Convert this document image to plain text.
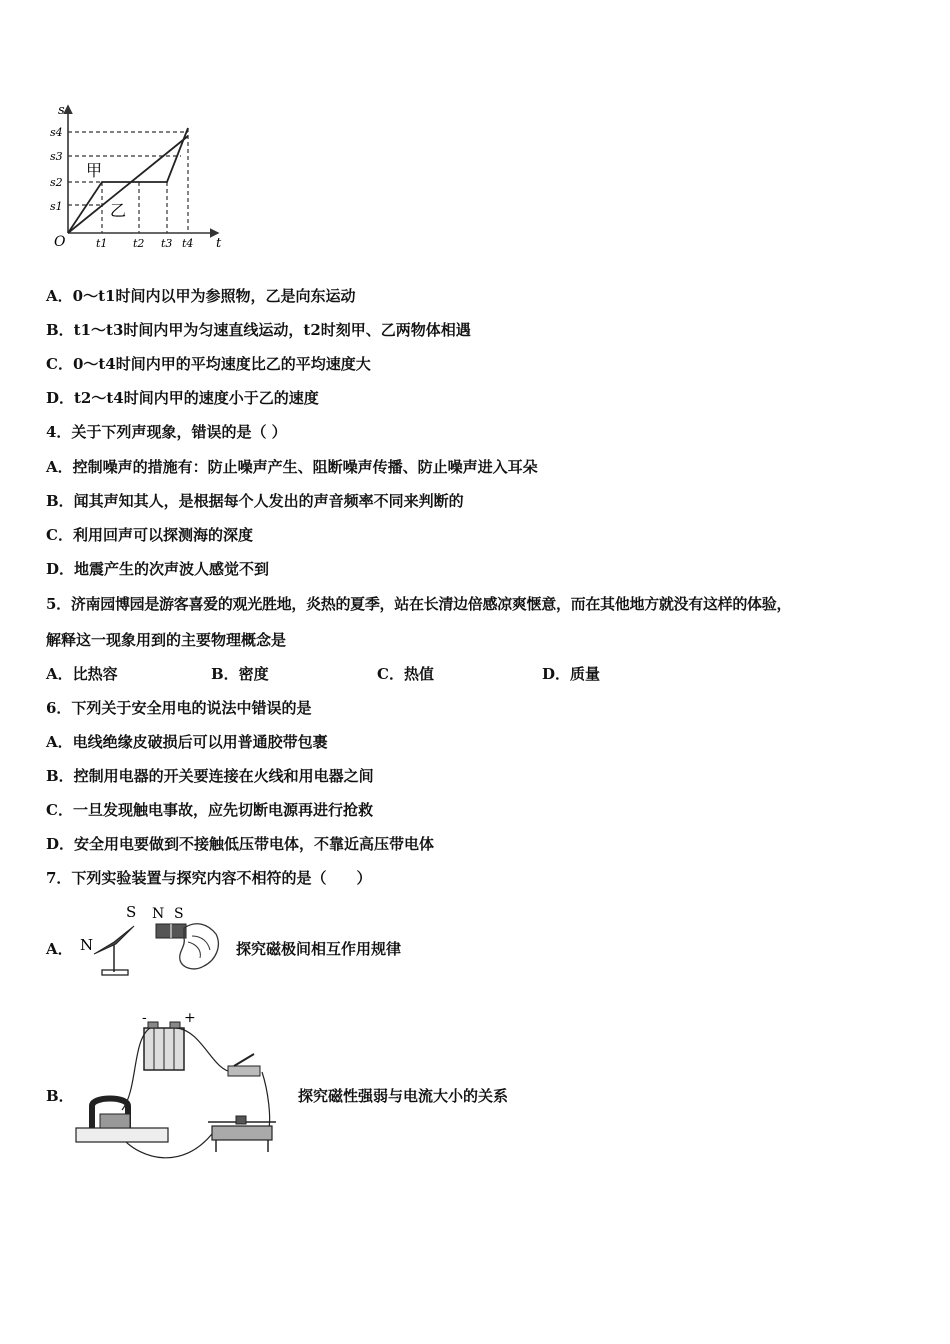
s
t
O
s1
s2
s3
s4
t1 t2 t3 t4
甲
乙
A．0～t1时间内以甲为参照物，乙是向东运动
B．t1～t3时间内甲为匀速直线运动，t2时刻甲、乙两物体相遇
C．0～t4时间内甲的平均速度比乙的平均速度大
D．t2～t4时间内甲的速度小于乙的速度
4．关于下列声现象，错误的是（ ）
A．控制噪声的措施有：防止噪声产生、阻断噪声传播、防止噪声进入耳朵
B．闻其声知其人，是根据每个人发出的声音频率不同来判断的
C．利用回声可以探测海的深度
D．地震产生的次声波人感觉不到
5．济南园博园是游客喜爱的观光胜地，炎热的夏季，站在长清边倍感凉爽惬意，而在其他地方就没有这样的体验，
解释这一现象用到的主要物理概念是
A．比热容	B．密度	C．热值	D．质量
6．下列关于安全用电的说法中错误的是
A．电线绝缘皮破损后可以用普通胶带包裹
B．控制用电器的开关要连接在火线和用电器之间
C．一旦发现触电事故，应先切断电源再进行抢救
D．安全用电要做到不接触低压带电体，不靠近高压带电体
7．下列实验装置与探究内容不相符的是（　　）
A． N
S N S
探究磁极间相互作用规律
B．
-	+
探究磁性强弱与电流大小的关系
